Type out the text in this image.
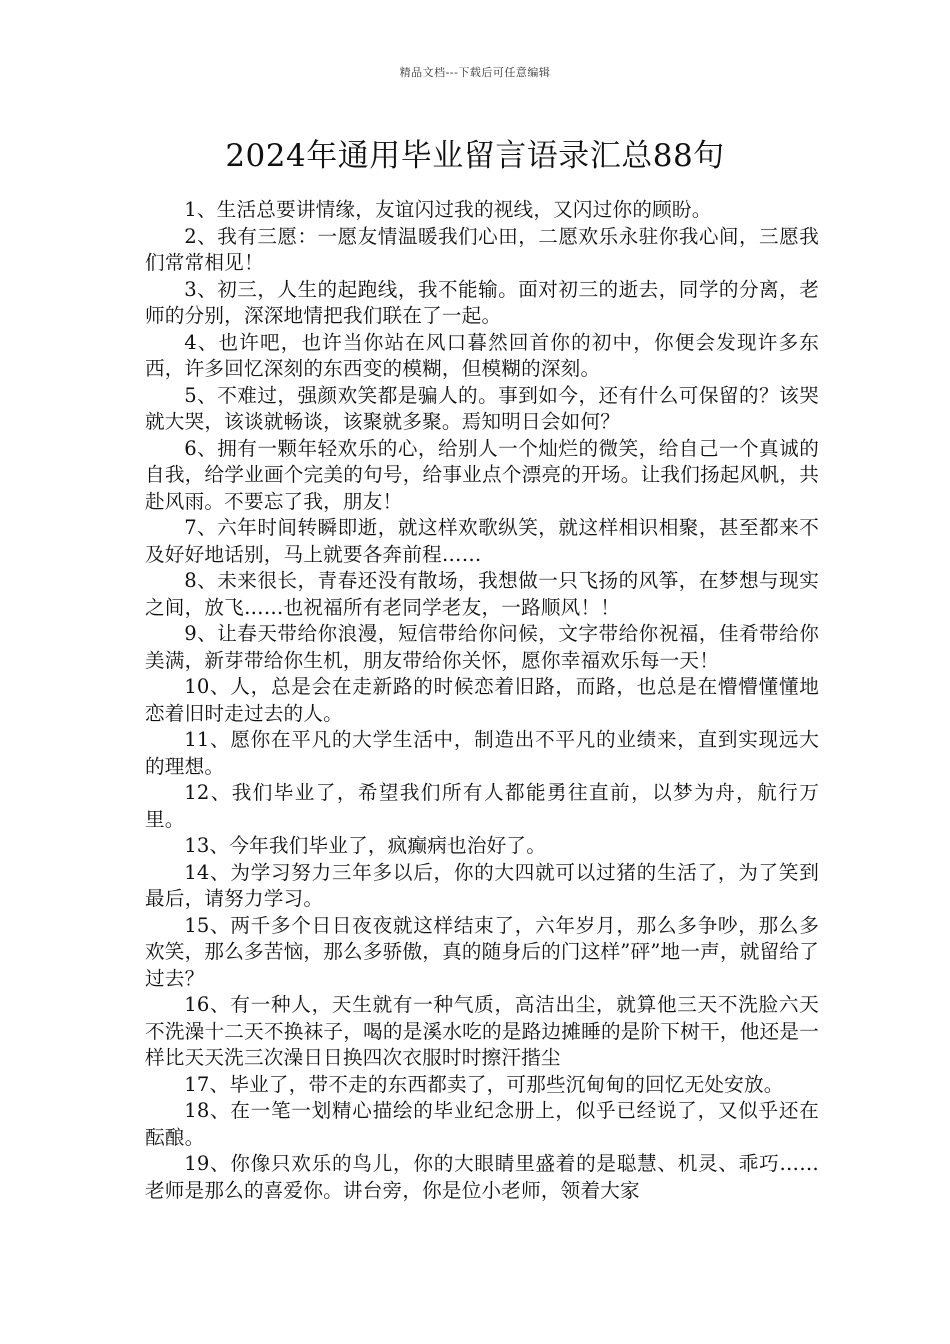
精品文档---下载后可任意编辑
2024年通用毕业留言语录汇总88句

1、生活总要讲情缘，友谊闪过我的视线，又闪过你的顾盼。

2、我有三愿：一愿友情温暖我们心田，二愿欢乐永驻你我心间，三愿我们常常相见！

3、初三，人生的起跑线，我不能输。面对初三的逝去，同学的分离，老师的分别，深深地情把我们联在了一起。

4、也许吧，也许当你站在风口暮然回首你的初中，你便会发现许多东西，许多回忆深刻的东西变的模糊，但模糊的深刻。

5、不难过，强颜欢笑都是骗人的。事到如今，还有什么可保留的？该哭就大哭，该谈就畅谈，该聚就多聚。焉知明日会如何？

6、拥有一颗年轻欢乐的心，给别人一个灿烂的微笑，给自己一个真诚的自我，给学业画个完美的句号，给事业点个漂亮的开场。让我们扬起风帆，共赴风雨。不要忘了我，朋友！

7、六年时间转瞬即逝，就这样欢歌纵笑，就这样相识相聚，甚至都来不及好好地话别，马上就要各奔前程……

8、未来很长，青春还没有散场，我想做一只飞扬的风筝，在梦想与现实之间，放飞……也祝福所有老同学老友，一路顺风！！

9、让春天带给你浪漫，短信带给你问候，文字带给你祝福，佳肴带给你美满，新芽带给你生机，朋友带给你关怀，愿你幸福欢乐每一天！

10、人，总是会在走新路的时候恋着旧路，而路，也总是在懵懵懂懂地恋着旧时走过去的人。

11、愿你在平凡的大学生活中，制造出不平凡的业绩来，直到实现远大的理想。

12、我们毕业了，希望我们所有人都能勇往直前，以梦为舟，航行万里。

13、今年我们毕业了，疯癫病也治好了。

14、为学习努力三年多以后，你的大四就可以过猪的生活了，为了笑到最后，请努力学习。

15、两千多个日日夜夜就这样结束了，六年岁月，那么多争吵，那么多欢笑，那么多苦恼，那么多骄傲，真的随身后的门这样”砰”地一声，就留给了过去？

16、有一种人，天生就有一种气质，高洁出尘，就算他三天不洗脸六天不洗澡十二天不换袜子，喝的是溪水吃的是路边摊睡的是阶下树干，他还是一样比天天洗三次澡日日换四次衣服时时擦汗揩尘

17、毕业了，带不走的东西都卖了，可那些沉甸甸的回忆无处安放。

18、在一笔一划精心描绘的毕业纪念册上，似乎已经说了，又似乎还在酝酿。

19、你像只欢乐的鸟儿，你的大眼睛里盛着的是聪慧、机灵、乖巧……老师是那么的喜爱你。讲台旁，你是位小老师，领着大家
